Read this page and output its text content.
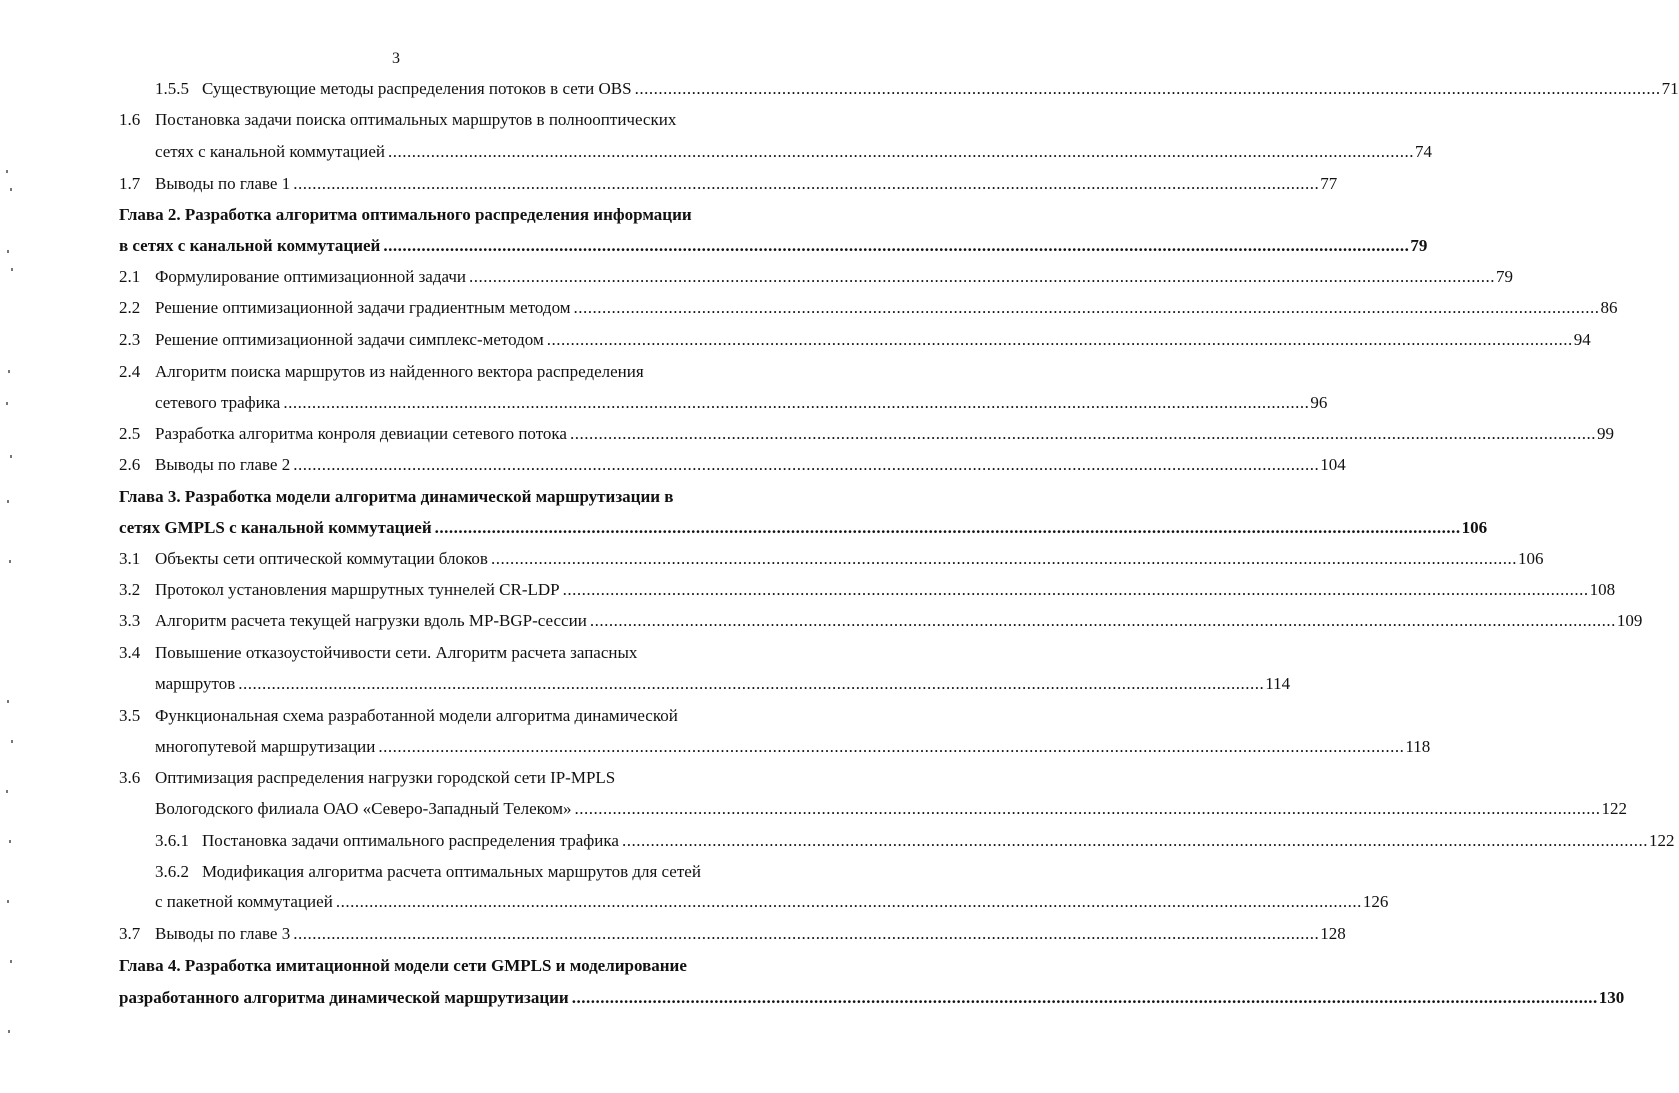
3
1.5.5 Существующие методы распределения потоков в сети OBS ........................................................................................................................................................................................................................ 71
1.6 Постановка задачи поиска оптимальных маршрутов в полнооптических
сетях с канальной коммутацией ........................................................................................................................................................................................................................ 74
1.7 Выводы по главе 1 ........................................................................................................................................................................................................................ 77
Глава 2. Разработка алгоритма оптимального распределения информации
в сетях с канальной коммутацией ........................................................................................................................................................................................................................ 79
2.1 Формулирование оптимизационной задачи ........................................................................................................................................................................................................................ 79
2.2 Решение оптимизационной задачи градиентным методом ........................................................................................................................................................................................................................ 86
2.3 Решение оптимизационной задачи симплекс-методом ........................................................................................................................................................................................................................ 94
2.4 Алгоритм поиска маршрутов из найденного вектора распределения
сетевого трафика ........................................................................................................................................................................................................................ 96
2.5 Разработка алгоритма конроля девиации сетевого потока ........................................................................................................................................................................................................................ 99
2.6 Выводы по главе 2 ........................................................................................................................................................................................................................ 104
Глава 3. Разработка модели алгоритма динамической маршрутизации в
сетях GMPLS с канальной коммутацией ........................................................................................................................................................................................................................ 106
3.1 Объекты сети оптической коммутации блоков ........................................................................................................................................................................................................................ 106
3.2 Протокол установления маршрутных туннелей CR-LDP ........................................................................................................................................................................................................................ 108
3.3 Алгоритм расчета текущей нагрузки вдоль MP-BGP-сессии ........................................................................................................................................................................................................................ 109
3.4 Повышение отказоустойчивости сети. Алгоритм расчета запасных
маршрутов ........................................................................................................................................................................................................................ 114
3.5 Функциональная схема разработанной модели алгоритма динамической
многопутевой маршрутизации ........................................................................................................................................................................................................................ 118
3.6 Оптимизация распределения нагрузки городской сети IP-MPLS
Вологодского филиала ОАО «Северо-Западный Телеком» ........................................................................................................................................................................................................................ 122
3.6.1 Постановка задачи оптимального распределения трафика ........................................................................................................................................................................................................................ 122
3.6.2 Модификация алгоритма расчета оптимальных маршрутов для сетей
с пакетной коммутацией ........................................................................................................................................................................................................................ 126
3.7 Выводы по главе 3 ........................................................................................................................................................................................................................ 128
Глава 4. Разработка имитационной модели сети GMPLS и моделирование
разработанного алгоритма динамической маршрутизации ........................................................................................................................................................................................................................ 130
